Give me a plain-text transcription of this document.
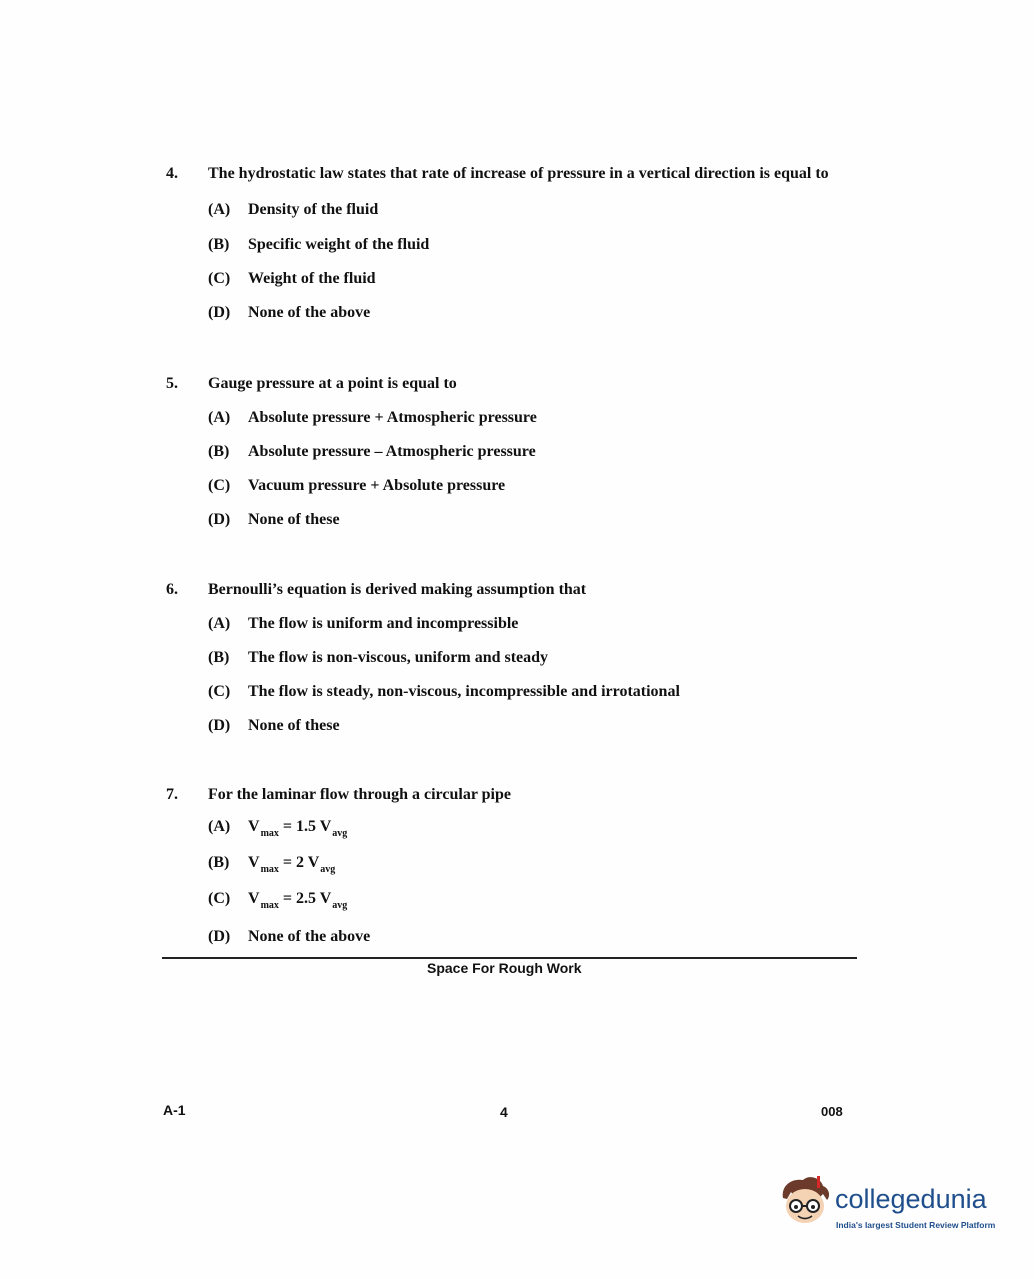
4.	The hydrostatic law states that rate of increase of pressure in a vertical direction is equal to
(A)	Density of the fluid
(B)	Specific weight of the fluid
(C)	Weight of the fluid
(D)	None of the above
5.	Gauge pressure at a point is equal to
(A)	Absolute pressure + Atmospheric pressure
(B)	Absolute pressure – Atmospheric pressure
(C)	Vacuum pressure + Absolute pressure
(D)	None of these
6.	Bernoulli’s equation is derived making assumption that
(A)	The flow is uniform and incompressible
(B)	The flow is non-viscous, uniform and steady
(C)	The flow is steady, non-viscous, incompressible and irrotational
(D)	None of these
7.	For the laminar flow through a circular pipe
(A)	$V_{max} = 1.5$ $V_{avg}$
(B)	$V_{max} = 2$ $V_{avg}$
(C)	$V_{max} = 2.5$ $V_{avg}$
(D)	None of the above
Space For Rough Work
A-1	4	008
collegedunia
India's largest Student Review Platform
